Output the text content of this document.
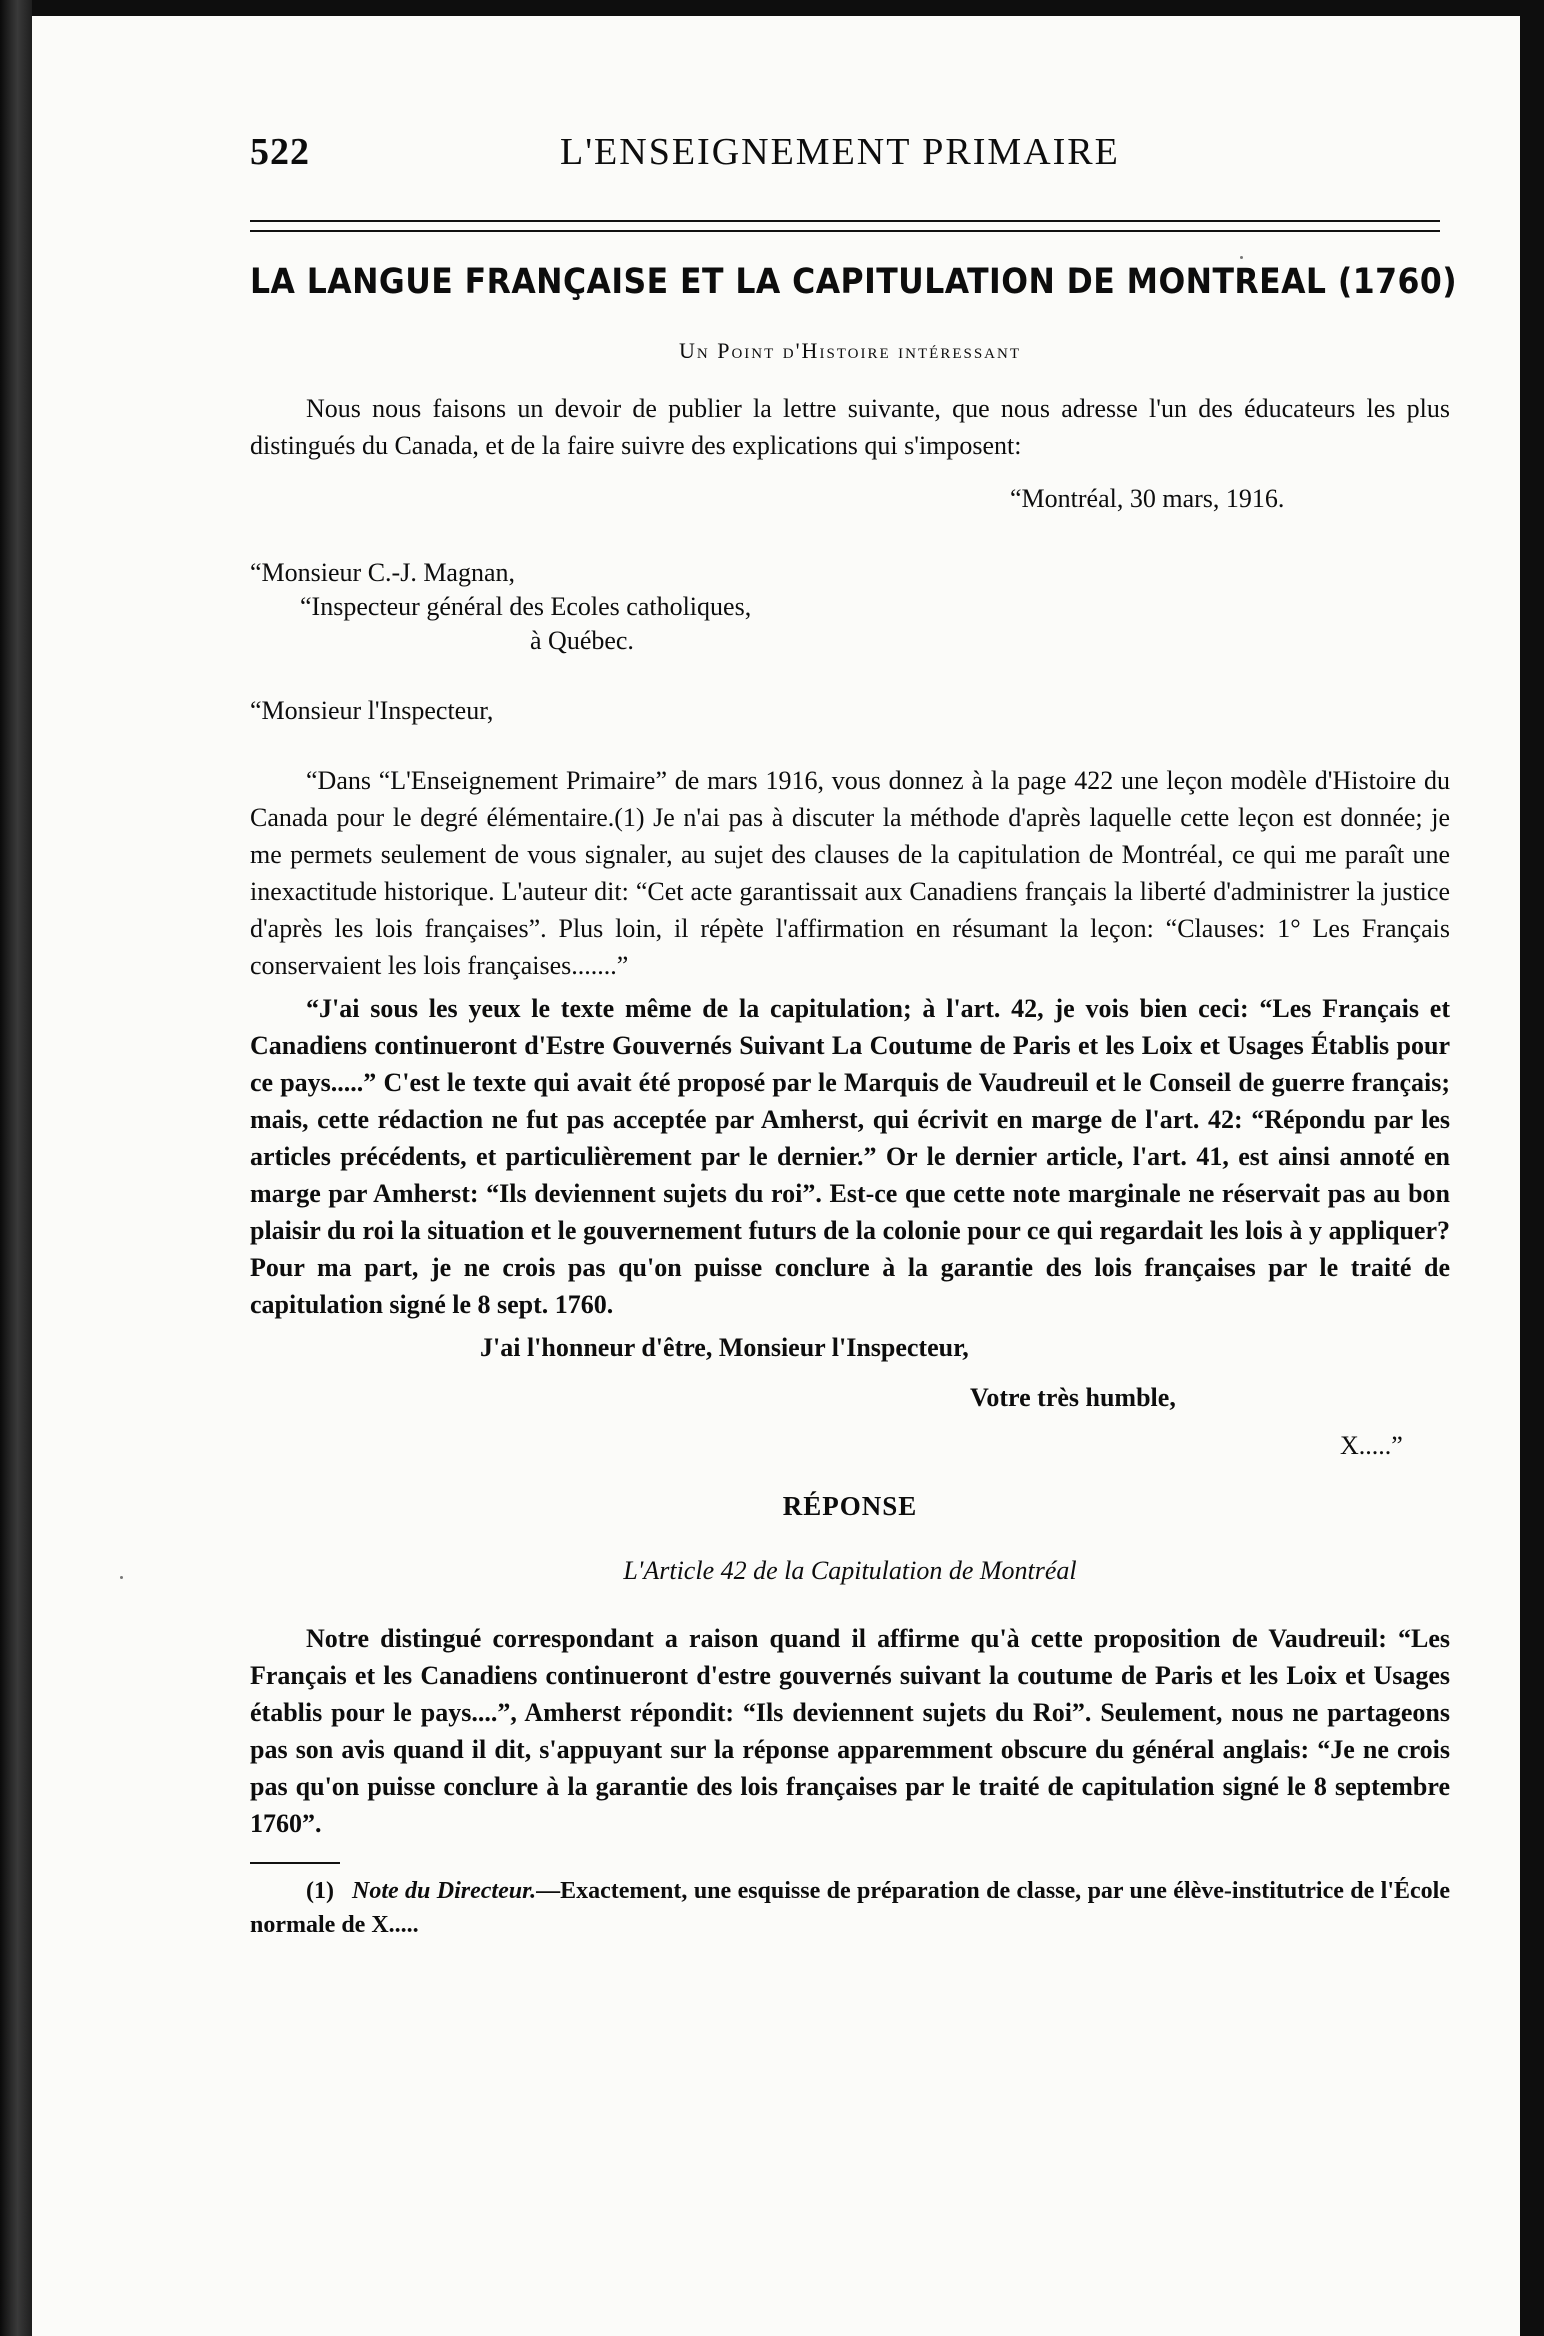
522	L'ENSEIGNEMENT PRIMAIRE
LA LANGUE FRANÇAISE ET LA CAPITULATION DE MONTREAL (1760)
Un Point d'Histoire intéressant

Nous nous faisons un devoir de publier la lettre suivante, que nous adresse l'un des éducateurs les plus distingués du Canada, et de la faire suivre des explications qui s'imposent:

“Montréal, 30 mars, 1916.
“Monsieur C.-J. Magnan,
“Inspecteur général des Ecoles catholiques,
à Québec.
“Monsieur l'Inspecteur,

“Dans “L'Enseignement Primaire” de mars 1916, vous donnez à la page 422 une leçon modèle d'Histoire du Canada pour le degré élémentaire.(1) Je n'ai pas à discuter la méthode d'après laquelle cette leçon est donnée; je me permets seulement de vous signaler, au sujet des clauses de la capitulation de Montréal, ce qui me paraît une inexactitude historique. L'auteur dit: “Cet acte garantissait aux Canadiens français la liberté d'administrer la justice d'après les lois françaises”. Plus loin, il répète l'affirmation en résumant la leçon: “Clauses: 1° Les Français conservaient les lois françaises.......”

“J'ai sous les yeux le texte même de la capitulation; à l'art. 42, je vois bien ceci: “Les Français et Canadiens continueront d'Estre Gouvernés Suivant La Coutume de Paris et les Loix et Usages Établis pour ce pays.....” C'est le texte qui avait été proposé par le Marquis de Vaudreuil et le Conseil de guerre français; mais, cette rédaction ne fut pas acceptée par Amherst, qui écrivit en marge de l'art. 42: “Répondu par les articles précédents, et particulièrement par le dernier.” Or le dernier article, l'art. 41, est ainsi annoté en marge par Amherst: “Ils deviennent sujets du roi”. Est-ce que cette note marginale ne réservait pas au bon plaisir du roi la situation et le gouvernement futurs de la colonie pour ce qui regardait les lois à y appliquer? Pour ma part, je ne crois pas qu'on puisse conclure à la garantie des lois françaises par le traité de capitulation signé le 8 sept. 1760.

J'ai l'honneur d'être, Monsieur l'Inspecteur,
Votre très humble,
X.....”
RÉPONSE
L'Article 42 de la Capitulation de Montréal

Notre distingué correspondant a raison quand il affirme qu'à cette proposition de Vaudreuil: “Les Français et les Canadiens continueront d'estre gouvernés suivant la coutume de Paris et les Loix et Usages établis pour le pays....”, Amherst répondit: “Ils deviennent sujets du Roi”. Seulement, nous ne partageons pas son avis quand il dit, s'appuyant sur la réponse apparemment obscure du général anglais: “Je ne crois pas qu'on puisse conclure à la garantie des lois françaises par le traité de capitulation signé le 8 septembre 1760”.

(1) Note du Directeur.—Exactement, une esquisse de préparation de classe, par une élève-institutrice de l'École normale de X.....
